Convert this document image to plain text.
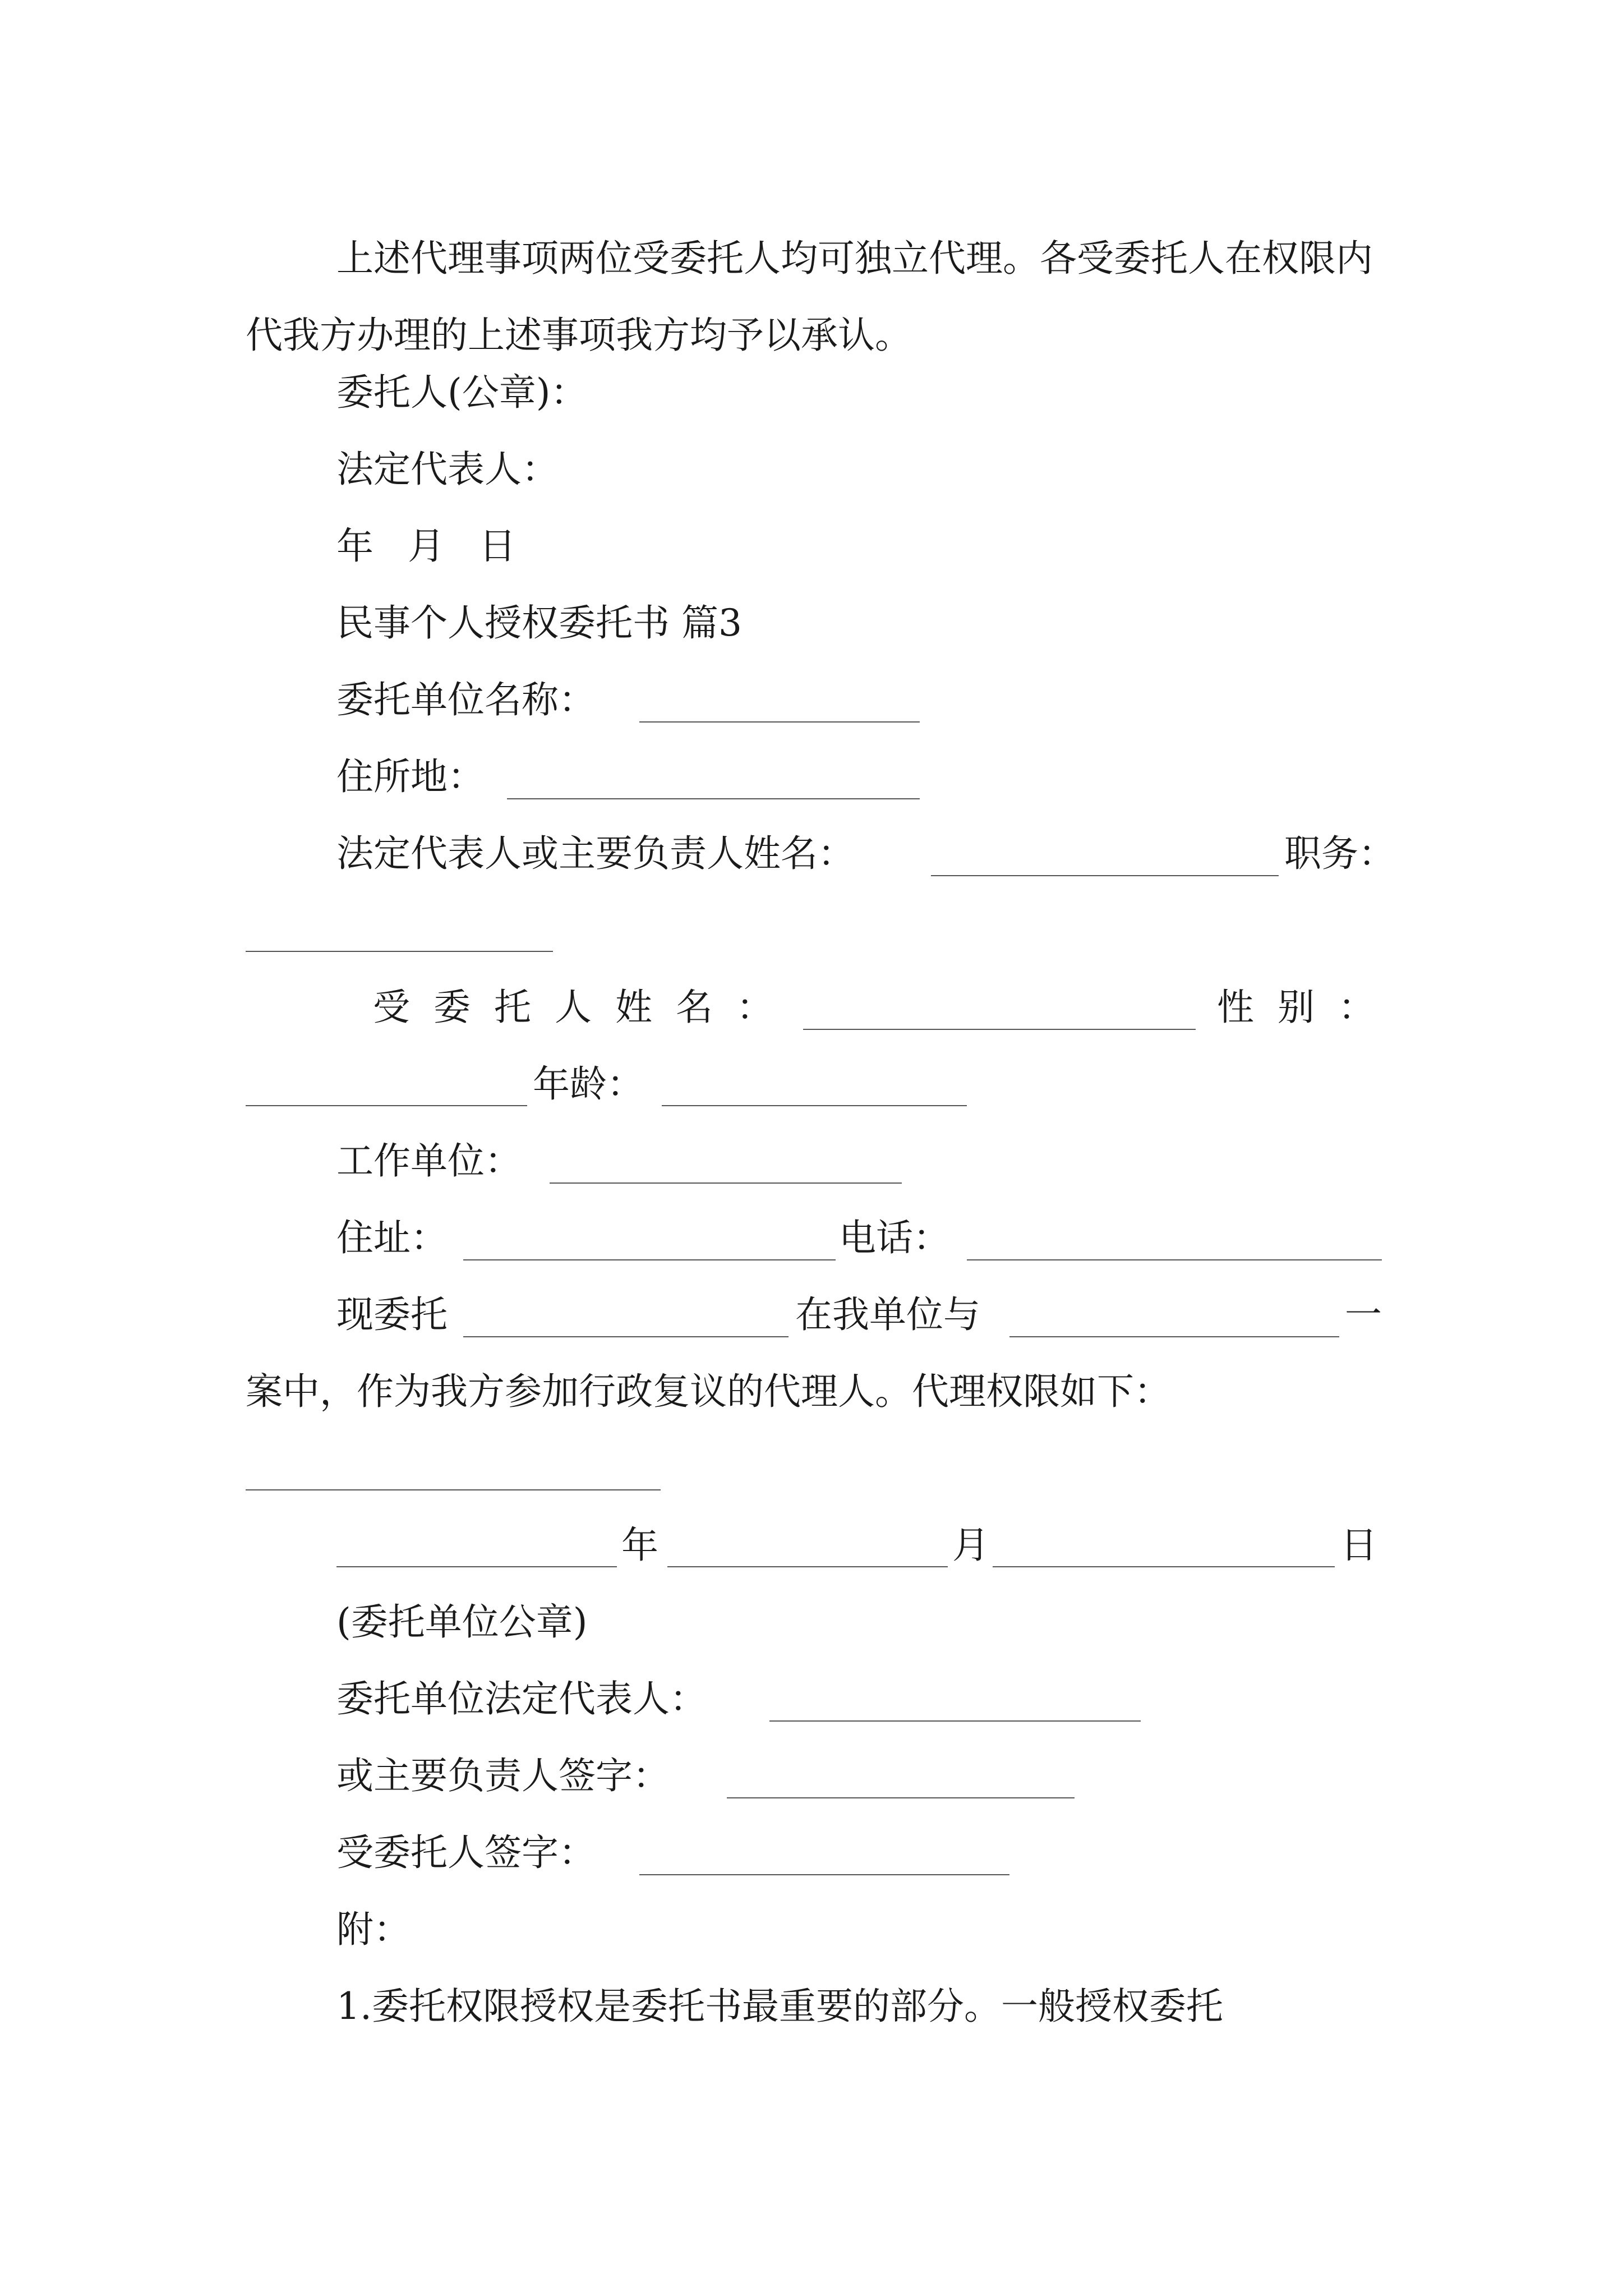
上述代理事项两位受委托人均可独立代理。各受委托人在权限内代我方办理的上述事项我方均予以承认。

委托人(公章)：
法定代表人：
年 月 日
民事个人授权委托书 篇3
委托单位名称：
住所地：
法定代表人或主要负责人姓名：	职务：
受委托人姓名：	性别：
年龄：
工作单位：
住址：	电话：
现委托	在我单位与	一
案中，作为我方参加行政复议的代理人。代理权限如下：
年	月	日
(委托单位公章)
委托单位法定代表人：
或主要负责人签字：
受委托人签字：
附：
1.委托权限授权是委托书最重要的部分。一般授权委托
